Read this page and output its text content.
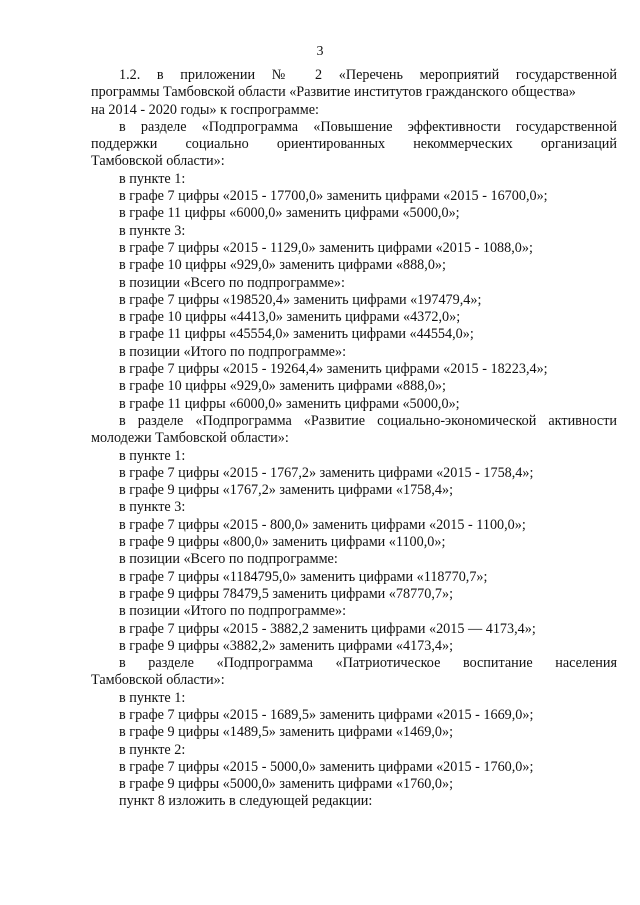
3
1.2. в приложении № 2 «Перечень мероприятий государственной
программы Тамбовской области «Развитие институтов гражданского общества»
на 2014 - 2020 годы» к госпрограмме:
в разделе «Подпрограмма «Повышение эффективности государственной
поддержки социально ориентированных некоммерческих организаций
Тамбовской области»:
в пункте 1:
в графе 7 цифры «2015 - 17700,0» заменить цифрами «2015 - 16700,0»;
в графе 11 цифры «6000,0» заменить цифрами «5000,0»;
в пункте 3:
в графе 7 цифры «2015 - 1129,0» заменить цифрами «2015 - 1088,0»;
в графе 10 цифры «929,0» заменить цифрами «888,0»;
в позиции «Всего по подпрограмме»:
в графе 7 цифры «198520,4» заменить цифрами «197479,4»;
в графе 10 цифры «4413,0» заменить цифрами «4372,0»;
в графе 11 цифры «45554,0» заменить цифрами «44554,0»;
в позиции «Итого по подпрограмме»:
в графе 7 цифры «2015 - 19264,4» заменить цифрами «2015 - 18223,4»;
в графе 10 цифры «929,0» заменить цифрами «888,0»;
в графе 11 цифры «6000,0» заменить цифрами «5000,0»;
в разделе «Подпрограмма «Развитие социально-экономической активности
молодежи Тамбовской области»:
в пункте 1:
в графе 7 цифры «2015 - 1767,2» заменить цифрами «2015 - 1758,4»;
в графе 9 цифры «1767,2» заменить цифрами «1758,4»;
в пункте 3:
в графе 7 цифры «2015 - 800,0» заменить цифрами «2015 - 1100,0»;
в графе 9 цифры «800,0» заменить цифрами «1100,0»;
в позиции «Всего по подпрограмме:
в графе 7 цифры «1184795,0» заменить цифрами «118770,7»;
в графе 9 цифры 78479,5 заменить цифрами «78770,7»;
в позиции «Итого по подпрограмме»:
в графе 7 цифры «2015 - 3882,2 заменить цифрами «2015 — 4173,4»;
в графе 9 цифры «3882,2» заменить цифрами «4173,4»;
в разделе «Подпрограмма «Патриотическое воспитание населения
Тамбовской области»:
в пункте 1:
в графе 7 цифры «2015 - 1689,5» заменить цифрами «2015 - 1669,0»;
в графе 9 цифры «1489,5» заменить цифрами «1469,0»;
в пункте 2:
в графе 7 цифры «2015 - 5000,0» заменить цифрами «2015 - 1760,0»;
в графе 9 цифры «5000,0» заменить цифрами «1760,0»;
пункт 8 изложить в следующей редакции:
